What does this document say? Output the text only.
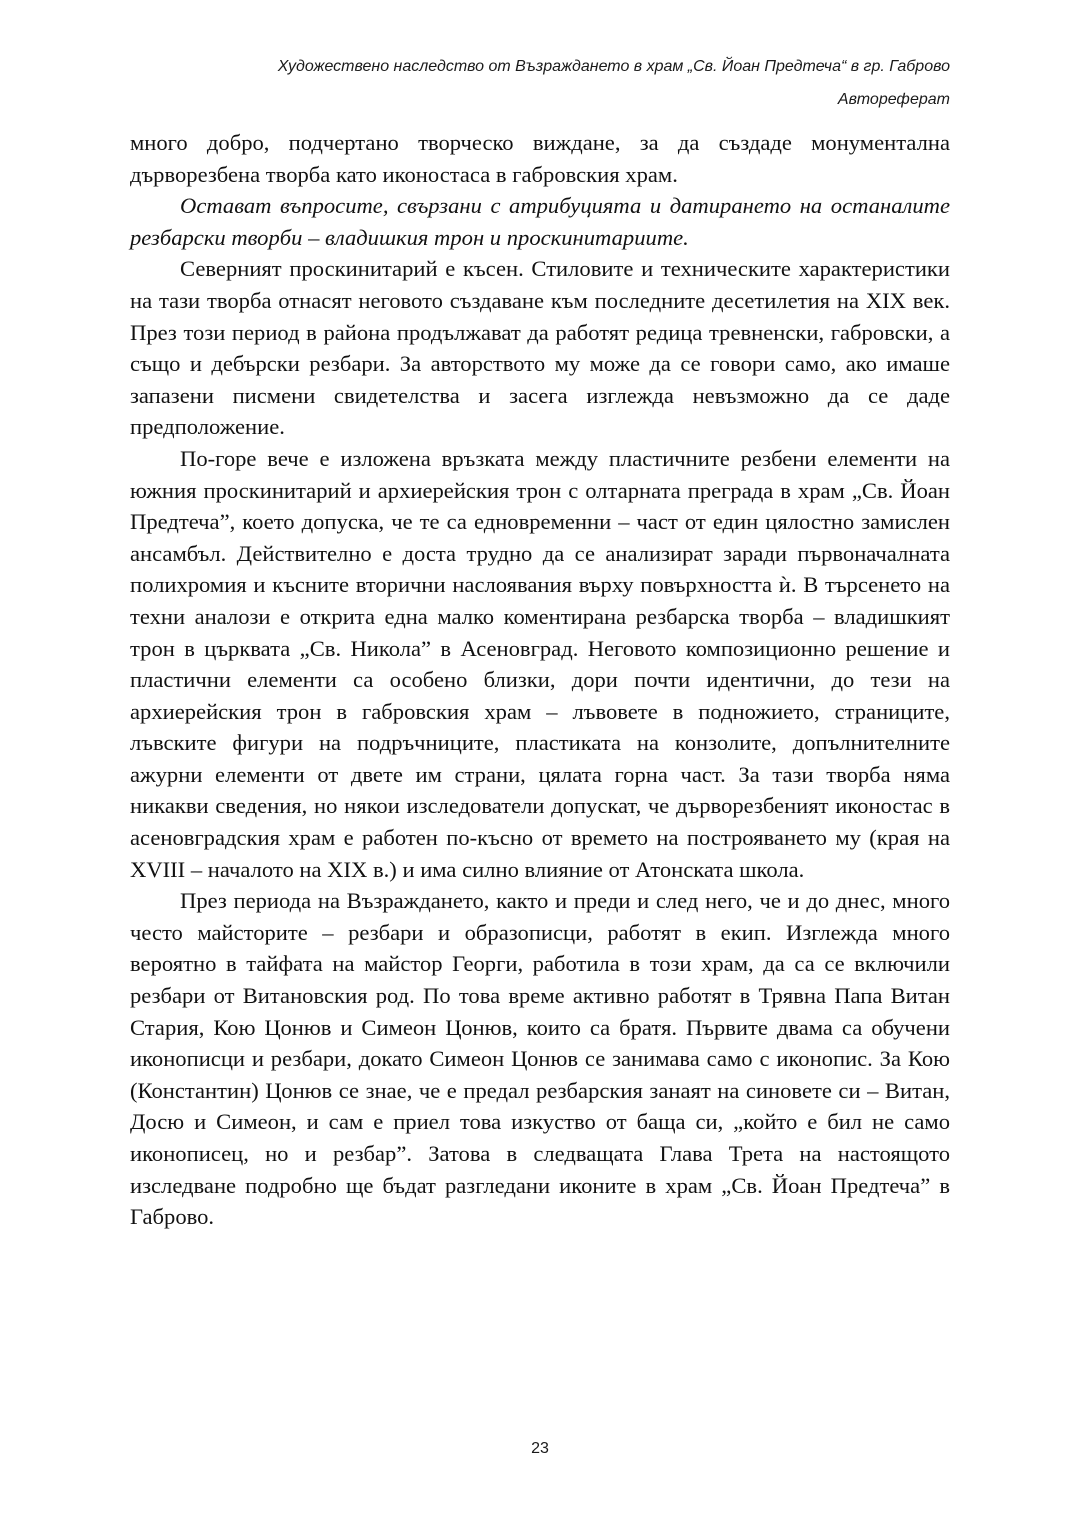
Художествено наследство от Възраждането в храм „Св. Йоан Предтеча“ в гр. Габрово
Автореферат

много добро, подчертано творческо виждане, за да създаде монументална дърворезбена творба като иконостаса в габровския храм.

Остават въпросите, свързани с атрибуцията и датирането на останалите резбарски творби – владишкия трон и проскинитариите.

Северният проскинитарий е късен. Стиловите и техническите характеристики на тази творба отнасят неговото създаване към последните десетилетия на XIX век. През този период в района продължават да работят редица тревненски, габровски, а също и дебърски резбари. За авторството му може да се говори само, ако имаше запазени писмени свидетелства и засега изглежда невъзможно да се даде предположение.

По-горе вече е изложена връзката между пластичните резбени елементи на южния проскинитарий и архиерейския трон с олтарната преграда в храм „Св. Йоан Предтеча”, което допуска, че те са едновременни – част от един цялостно замислен ансамбъл. Действително е доста трудно да се анализират заради първоначалната полихромия и късните вторични наслоявания върху повърхността ѝ. В търсенето на техни аналози е открита една малко коментирана резбарска творба – владишкият трон в църквата „Св. Никола” в Асеновград. Неговото композиционно решение и пластични елементи са особено близки, дори почти идентични, до тези на архиерейския трон в габровския храм – лъвовете в подножието, страниците, лъвските фигури на подръчниците, пластиката на конзолите, допълнителните ажурни елементи от двете им страни, цялата горна част. За тази творба няма никакви сведения, но някои изследователи допускат, че дърворезбеният иконостас в асеновградския храм е работен по-късно от времето на построяването му (края на XVIII – началото на XIX в.) и има силно влияние от Атонската школа.

През периода на Възраждането, както и преди и след него, че и до днес, много често майсторите – резбари и образописци, работят в екип. Изглежда много вероятно в тайфата на майстор Георги, работила в този храм, да са се включили резбари от Витановския род. По това време активно работят в Трявна Папа Витан Стария, Кою Цонюв и Симеон Цонюв, които са братя. Първите двама са обучени иконописци и резбари, докато Симеон Цонюв се занимава само с иконопис. За Кою (Константин) Цонюв се знае, че е предал резбарския занаят на синовете си – Витан, Досю и Симеон, и сам е приел това изкуство от баща си, „който е бил не само иконописец, но и резбар”. Затова в следващата Глава Трета на настоящото изследване подробно ще бъдат разгледани иконите в храм „Св. Йоан Предтеча” в Габрово.

23
